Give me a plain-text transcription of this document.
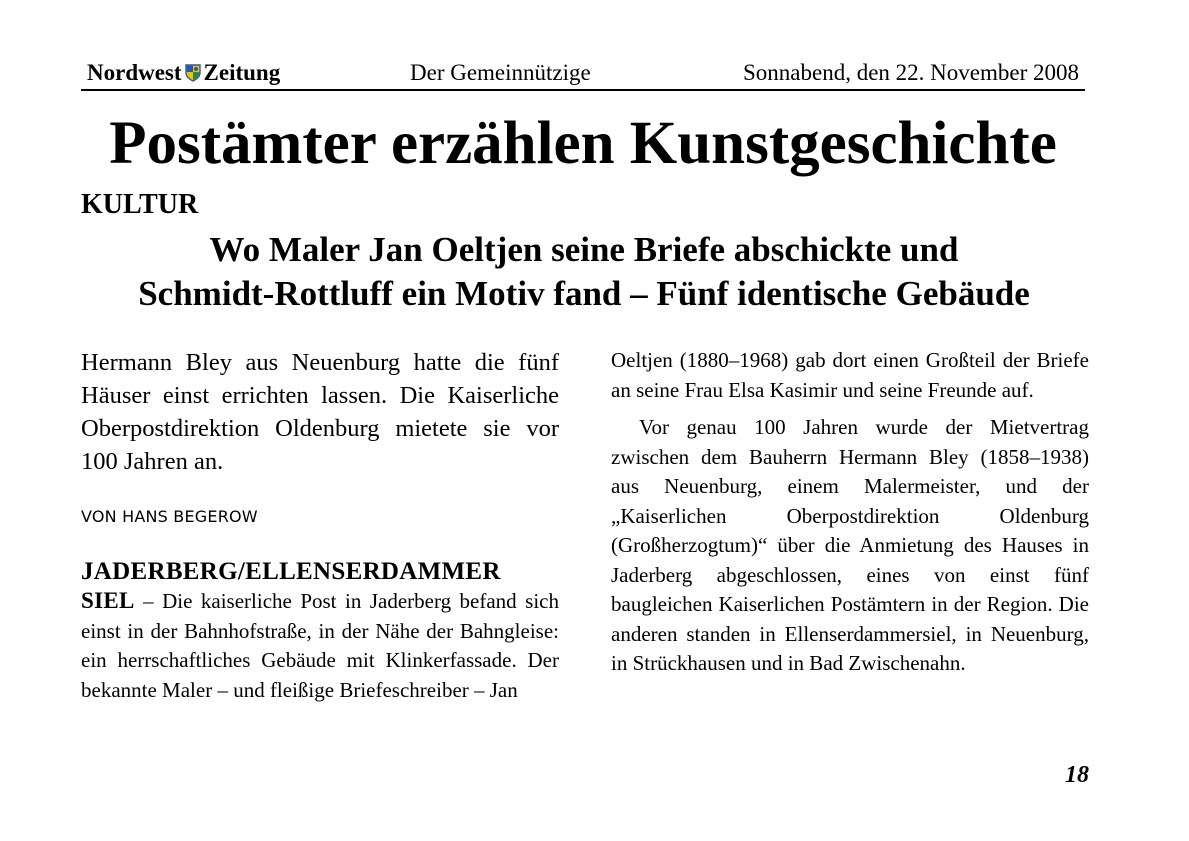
Nordwest Zeitung	Der Gemeinnützige	Sonnabend, den 22. November 2008
Postämter erzählen Kunstgeschichte
KULTUR
Wo Maler Jan Oeltjen seine Briefe abschickte und
Schmidt-Rottluff ein Motiv fand – Fünf identische Gebäude

Hermann Bley aus Neuenburg hatte die fünf Häuser einst errichten lassen. Die Kaiserliche Oberpostdirektion Oldenburg mietete sie vor 100 Jahren an.

VON HANS BEGEROW

JADERBERG/ELLENSERDAMMER

SIEL – Die kaiserliche Post in Jaderberg befand sich einst in der Bahnhofstraße, in der Nähe der Bahngleise: ein herrschaftliches Gebäude mit Klinkerfassade. Der bekannte Maler – und fleißige Briefeschreiber – Jan

Oeltjen (1880–1968) gab dort einen Großteil der Briefe an seine Frau Elsa Kasimir und seine Freunde auf.

Vor genau 100 Jahren wurde der Mietvertrag zwischen dem Bauherrn Hermann Bley (1858–1938) aus Neuenburg, einem Malermeister, und der „Kaiserlichen Oberpostdirektion Oldenburg (Großherzogtum)“ über die Anmietung des Hauses in Jaderberg abgeschlossen, eines von einst fünf baugleichen Kaiserlichen Postämtern in der Region. Die anderen standen in Ellenserdammersiel, in Neuenburg, in Strückhausen und in Bad Zwischenahn.

18
